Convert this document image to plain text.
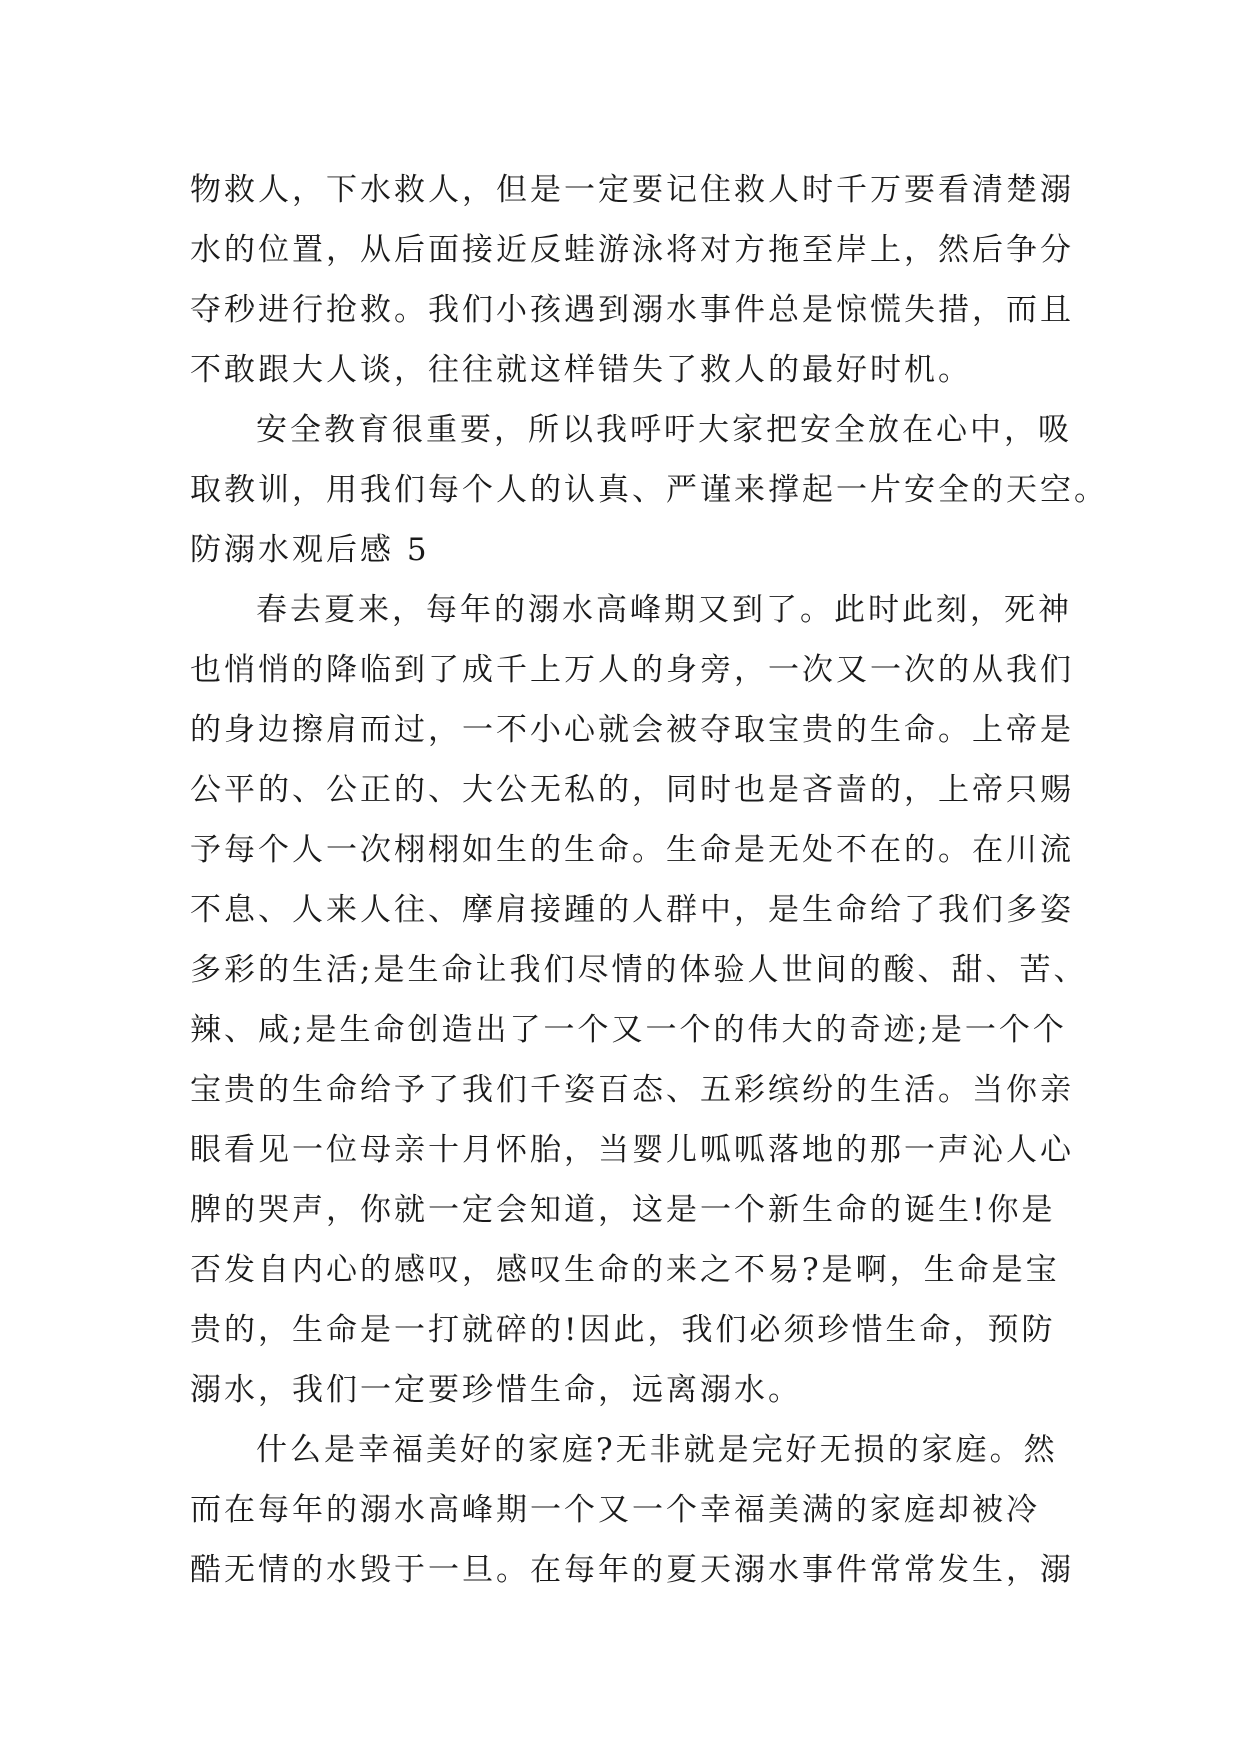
物救人，下水救人，但是一定要记住救人时千万要看清楚溺
水的位置，从后面接近反蛙游泳将对方拖至岸上，然后争分
夺秒进行抢救。我们小孩遇到溺水事件总是惊慌失措，而且
不敢跟大人谈，往往就这样错失了救人的最好时机。
安全教育很重要，所以我呼吁大家把安全放在心中，吸
取教训，用我们每个人的认真、严谨来撑起一片安全的天空。
防溺水观后感 5
春去夏来，每年的溺水高峰期又到了。此时此刻，死神
也悄悄的降临到了成千上万人的身旁，一次又一次的从我们
的身边擦肩而过，一不小心就会被夺取宝贵的生命。上帝是
公平的、公正的、大公无私的，同时也是吝啬的，上帝只赐
予每个人一次栩栩如生的生命。生命是无处不在的。在川流
不息、人来人往、摩肩接踵的人群中，是生命给了我们多姿
多彩的生活;是生命让我们尽情的体验人世间的酸、甜、苦、
辣、咸;是生命创造出了一个又一个的伟大的奇迹;是一个个
宝贵的生命给予了我们千姿百态、五彩缤纷的生活。当你亲
眼看见一位母亲十月怀胎，当婴儿呱呱落地的那一声沁人心
脾的哭声，你就一定会知道，这是一个新生命的诞生!你是
否发自内心的感叹，感叹生命的来之不易?是啊，生命是宝
贵的，生命是一打就碎的!因此，我们必须珍惜生命，预防
溺水，我们一定要珍惜生命，远离溺水。
什么是幸福美好的家庭?无非就是完好无损的家庭。然
而在每年的溺水高峰期一个又一个幸福美满的家庭却被冷
酷无情的水毁于一旦。在每年的夏天溺水事件常常发生，溺
